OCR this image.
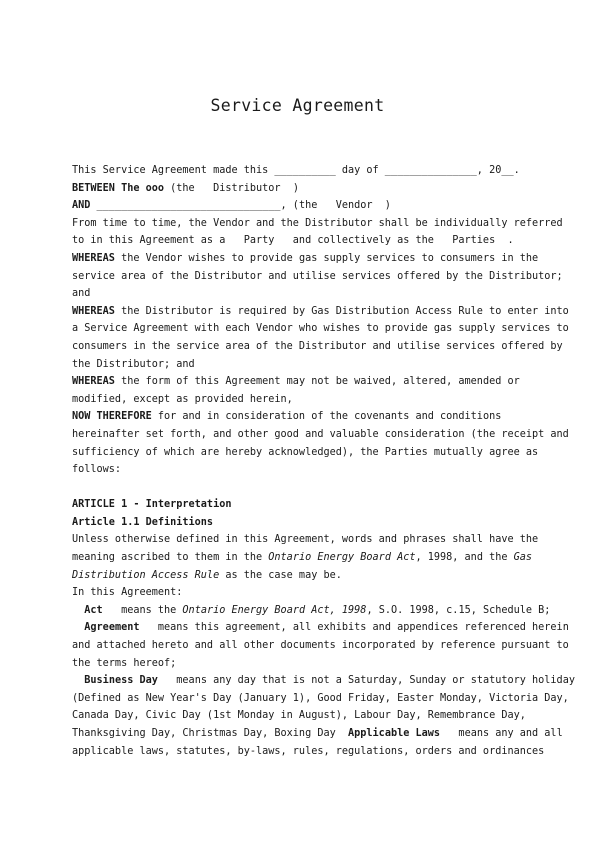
Service Agreement
This Service Agreement made this __________ day of _______________, 20__.
BETWEEN The ooo (the   Distributor  )
AND ______________________________, (the   Vendor  )
From time to time, the Vendor and the Distributor shall be individually referred
to in this Agreement as a   Party   and collectively as the   Parties  .
WHEREAS the Vendor wishes to provide gas supply services to consumers in the
service area of the Distributor and utilise services offered by the Distributor;
and
WHEREAS the Distributor is required by Gas Distribution Access Rule to enter into
a Service Agreement with each Vendor who wishes to provide gas supply services to
consumers in the service area of the Distributor and utilise services offered by
the Distributor; and
WHEREAS the form of this Agreement may not be waived, altered, amended or
modified, except as provided herein,
NOW THEREFORE for and in consideration of the covenants and conditions
hereinafter set forth, and other good and valuable consideration (the receipt and
sufficiency of which are hereby acknowledged), the Parties mutually agree as
follows:
ARTICLE 1 - Interpretation
Article 1.1 Definitions
Unless otherwise defined in this Agreement, words and phrases shall have the
meaning ascribed to them in the Ontario Energy Board Act, 1998, and the Gas
Distribution Access Rule as the case may be.
In this Agreement:
Act   means the Ontario Energy Board Act, 1998, S.O. 1998, c.15, Schedule B;
Agreement   means this agreement, all exhibits and appendices referenced herein
and attached hereto and all other documents incorporated by reference pursuant to
the terms hereof;
Business Day   means any day that is not a Saturday, Sunday or statutory holiday
(Defined as New Year's Day (January 1), Good Friday, Easter Monday, Victoria Day,
Canada Day, Civic Day (1st Monday in August), Labour Day, Remembrance Day,
Thanksgiving Day, Christmas Day, Boxing Day  Applicable Laws   means any and all
applicable laws, statutes, by-laws, rules, regulations, orders and ordinances
